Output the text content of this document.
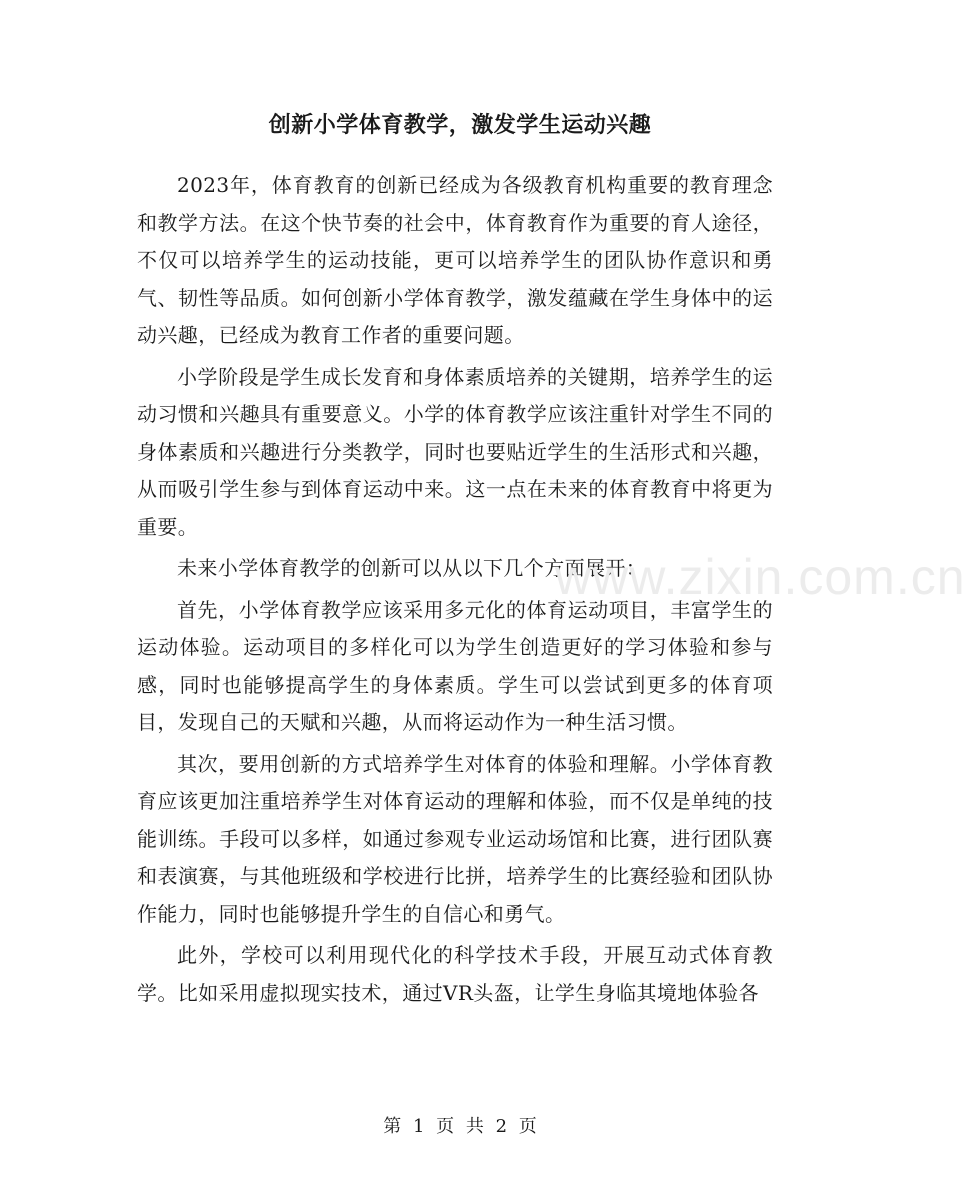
创新小学体育教学，激发学生运动兴趣

2023年，体育教育的创新已经成为各级教育机构重要的教育理念和教学方法。在这个快节奏的社会中，体育教育作为重要的育人途径，不仅可以培养学生的运动技能，更可以培养学生的团队协作意识和勇气、韧性等品质。如何创新小学体育教学，激发蕴藏在学生身体中的运动兴趣，已经成为教育工作者的重要问题。

小学阶段是学生成长发育和身体素质培养的关键期，培养学生的运动习惯和兴趣具有重要意义。小学的体育教学应该注重针对学生不同的身体素质和兴趣进行分类教学，同时也要贴近学生的生活形式和兴趣，从而吸引学生参与到体育运动中来。这一点在未来的体育教育中将更为重要。

未来小学体育教学的创新可以从以下几个方面展开：

首先，小学体育教学应该采用多元化的体育运动项目，丰富学生的运动体验。运动项目的多样化可以为学生创造更好的学习体验和参与感，同时也能够提高学生的身体素质。学生可以尝试到更多的体育项目，发现自己的天赋和兴趣，从而将运动作为一种生活习惯。

其次，要用创新的方式培养学生对体育的体验和理解。小学体育教育应该更加注重培养学生对体育运动的理解和体验，而不仅是单纯的技能训练。手段可以多样，如通过参观专业运动场馆和比赛，进行团队赛和表演赛，与其他班级和学校进行比拼，培养学生的比赛经验和团队协作能力，同时也能够提升学生的自信心和勇气。

此外，学校可以利用现代化的科学技术手段，开展互动式体育教学。比如采用虚拟现实技术，通过VR头盔，让学生身临其境地体验各

www.zixin.com.cn
第 1 页 共 2 页
